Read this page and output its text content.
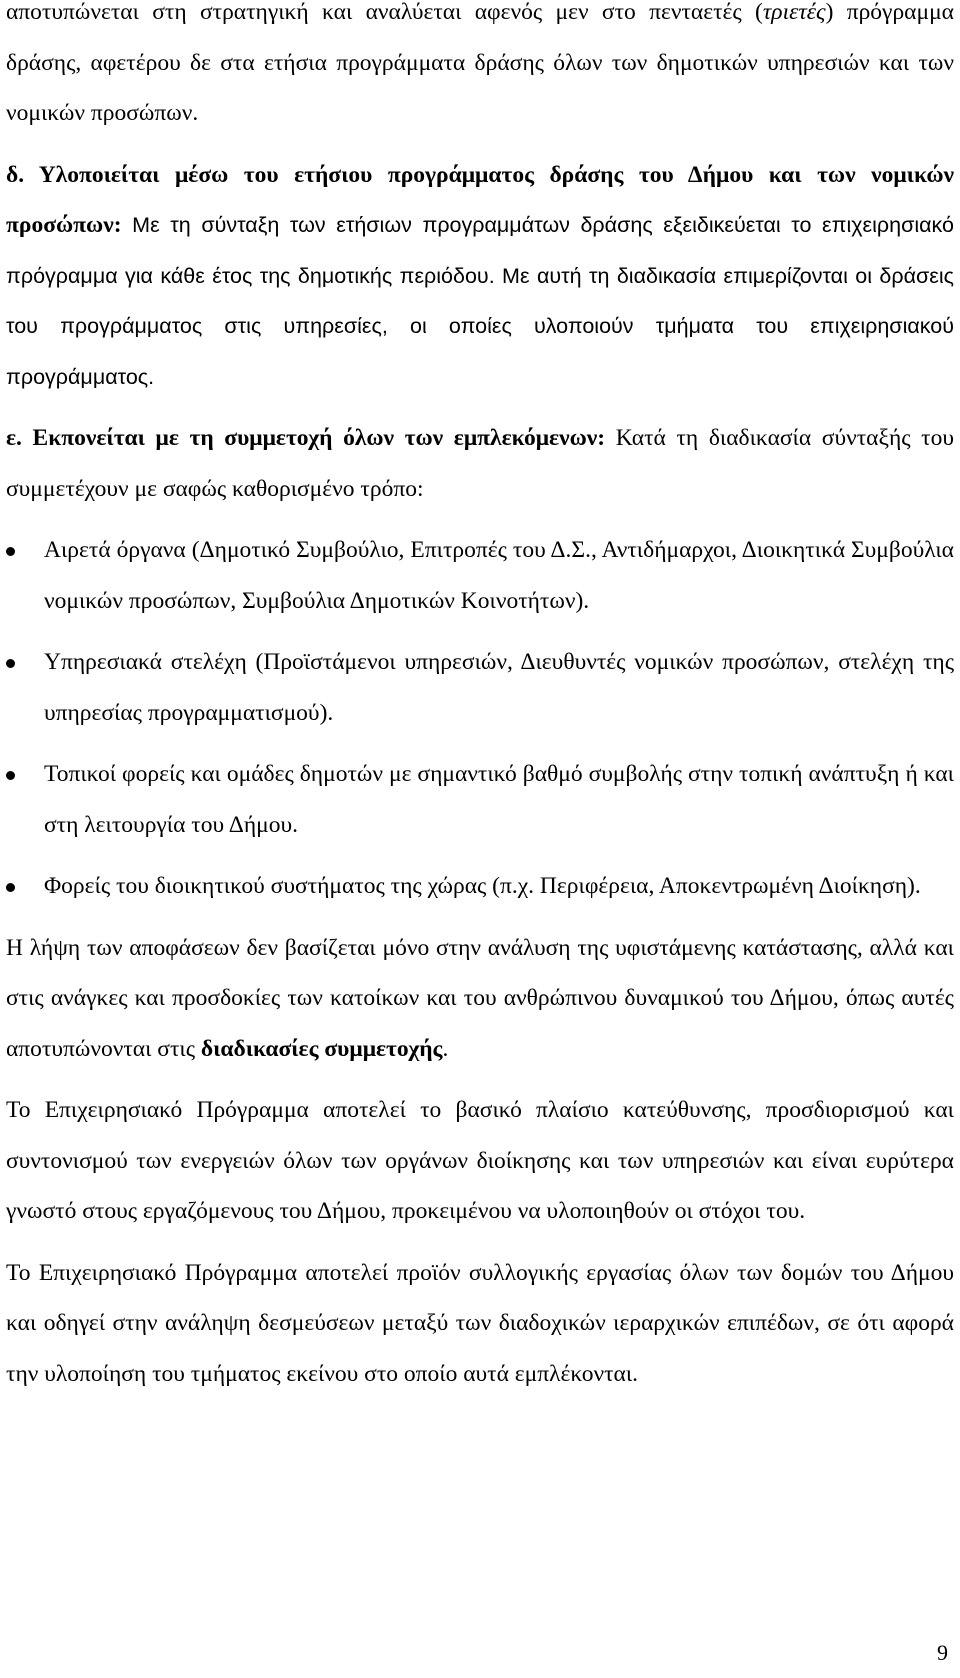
αποτυπώνεται στη στρατηγική και αναλύεται αφενός μεν στο πενταετές (τριετές) πρόγραμμα δράσης, αφετέρου δε στα ετήσια προγράμματα δράσης όλων των δημοτικών υπηρεσιών και των νομικών προσώπων.

δ. Υλοποιείται μέσω του ετήσιου προγράμματος δράσης του Δήμου και των νομικών προσώπων: Με τη σύνταξη των ετήσιων προγραμμάτων δράσης εξειδικεύεται το επιχειρησιακό πρόγραμμα για κάθε έτος της δημοτικής περιόδου. Με αυτή τη διαδικασία επιμερίζονται οι δράσεις του προγράμματος στις υπηρεσίες, οι οποίες υλοποιούν τμήματα του επιχειρησιακού προγράμματος.

ε. Εκπονείται με τη συμμετοχή όλων των εμπλεκόμενων: Κατά τη διαδικασία σύνταξής του συμμετέχουν με σαφώς καθορισμένο τρόπο:

Αιρετά όργανα (Δημοτικό Συμβούλιο, Επιτροπές του Δ.Σ., Αντιδήμαρχοι, Διοικητικά Συμβούλια νομικών προσώπων, Συμβούλια Δημοτικών Κοινοτήτων).
Υπηρεσιακά στελέχη (Προϊστάμενοι υπηρεσιών, Διευθυντές νομικών προσώπων, στελέχη της υπηρεσίας προγραμματισμού).
Τοπικοί φορείς και ομάδες δημοτών με σημαντικό βαθμό συμβολής στην τοπική ανάπτυξη ή και στη λειτουργία του Δήμου.
Φορείς του διοικητικού συστήματος της χώρας (π.χ. Περιφέρεια, Αποκεντρωμένη Διοίκηση).

Η λήψη των αποφάσεων δεν βασίζεται μόνο στην ανάλυση της υφιστάμενης κατάστασης, αλλά και στις ανάγκες και προσδοκίες των κατοίκων και του ανθρώπινου δυναμικού του Δήμου, όπως αυτές αποτυπώνονται στις διαδικασίες συμμετοχής.

Το Επιχειρησιακό Πρόγραμμα αποτελεί το βασικό πλαίσιο κατεύθυνσης, προσδιορισμού και συντονισμού των ενεργειών όλων των οργάνων διοίκησης και των υπηρεσιών και είναι ευρύτερα γνωστό στους εργαζόμενους του Δήμου, προκειμένου να υλοποιηθούν οι στόχοι του.

Το Επιχειρησιακό Πρόγραμμα αποτελεί προϊόν συλλογικής εργασίας όλων των δομών του Δήμου και οδηγεί στην ανάληψη δεσμεύσεων μεταξύ των διαδοχικών ιεραρχικών επιπέδων, σε ότι αφορά την υλοποίηση του τμήματος εκείνου στο οποίο αυτά εμπλέκονται.

9
